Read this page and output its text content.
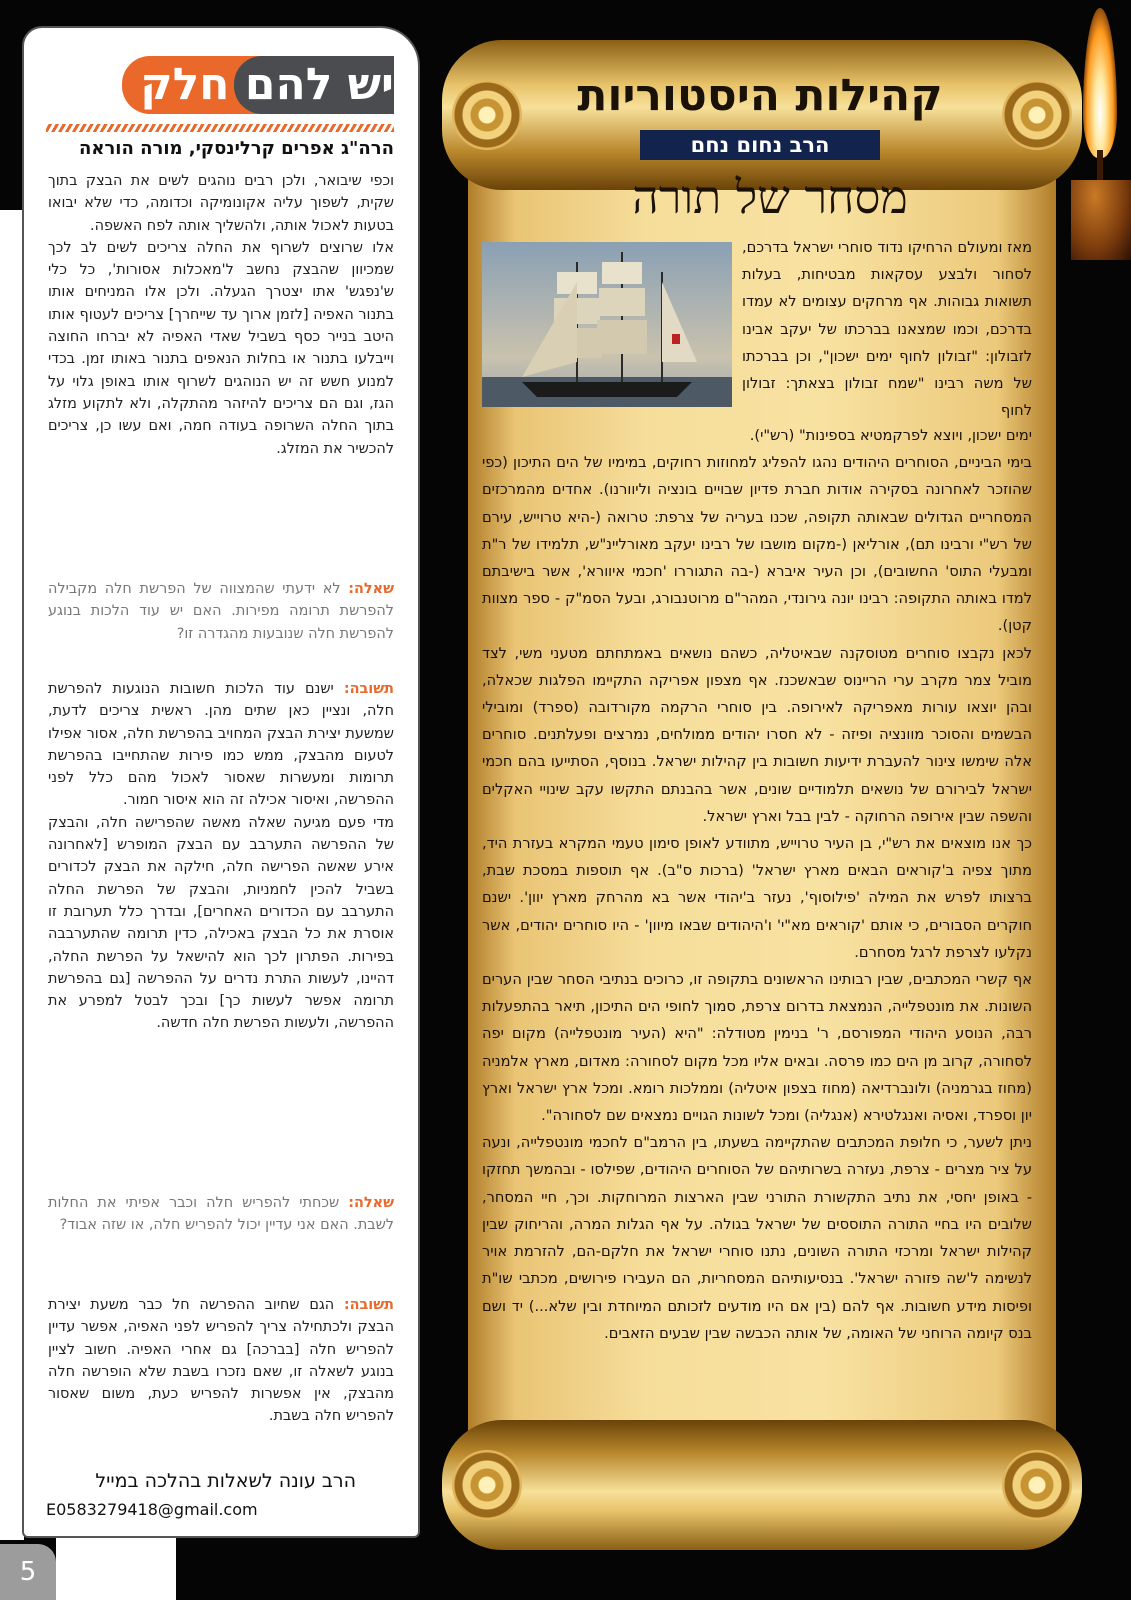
יש להם חלק
הרה"ג אפרים קרלינסקי, מורה הוראה

וכפי שיבואר, ולכן רבים נוהגים לשים את הבצק בתוך שקית, לשפוך עליה אקונומיקה וכדומה, כדי שלא יבואו בטעות לאכול אותה, ולהשליך אותה לפח האשפה.

אלו שרוצים לשרוף את החלה צריכים לשים לב לכך שמכיוון שהבצק נחשב ל'מאכלות אסורות', כל כלי ש'נפגש' אתו יצטרך הגעלה. ולכן אלו המניחים אותו בתנור האפיה [לזמן ארוך עד שייחרך] צריכים לעטוף אותו היטב בנייר כסף בשביל שאדי האפיה לא יברחו החוצה וייבלעו בתנור או בחלות הנאפים בתנור באותו זמן. בכדי למנוע חשש זה יש הנוהגים לשרוף אותו באופן גלוי על הגז, וגם הם צריכים להיזהר מהתקלה, ולא לתקוע מזלג בתוך החלה השרופה בעודה חמה, ואם עשו כן, צריכים להכשיר את המזלג.

שאלה: לא ידעתי שהמצווה של הפרשת חלה מקבילה להפרשת תרומה מפירות. האם יש עוד הלכות בנוגע להפרשת חלה שנובעות מהגדרה זו?

תשובה: ישנם עוד הלכות חשובות הנוגעות להפרשת חלה, ונציין כאן שתים מהן. ראשית צריכים לדעת, שמשעת יצירת הבצק המחויב בהפרשת חלה, אסור אפילו לטעום מהבצק, ממש כמו פירות שהתחייבו בהפרשת תרומות ומעשרות שאסור לאכול מהם כלל לפני ההפרשה, ואיסור אכילה זה הוא איסור חמור.

מדי פעם מגיעה שאלה מאשה שהפרישה חלה, והבצק של ההפרשה התערבב עם הבצק המופרש [לאחרונה אירע שאשה הפרישה חלה, חילקה את הבצק לכדורים בשביל להכין לחמניות, והבצק של הפרשת החלה התערבב עם הכדורים האחרים], ובדרך כלל תערובת זו אוסרת את כל הבצק באכילה, כדין תרומה שהתערבבה בפירות. הפתרון לכך הוא להישאל על הפרשת החלה, דהיינו, לעשות התרת נדרים על ההפרשה [גם בהפרשת תרומה אפשר לעשות כך] ובכך לבטל למפרע את ההפרשה, ולעשות הפרשת חלה חדשה.

שאלה: שכחתי להפריש חלה וכבר אפיתי את החלות לשבת. האם אני עדיין יכול להפריש חלה, או שזה אבוד?

תשובה: הגם שחיוב ההפרשה חל כבר משעת יצירת הבצק ולכתחילה צריך להפריש לפני האפיה, אפשר עדיין להפריש חלה [בברכה] גם אחרי האפיה. חשוב לציין בנוגע לשאלה זו, שאם נזכרו בשבת שלא הופרשה חלה מהבצק, אין אפשרות להפריש כעת, משום שאסור להפריש חלה בשבת.

הרב עונה לשאלות בהלכה במייל
E0583279418@gmail.com
5
קהילות היסטוריות
הרב נחום נחם
מסחר של תורה
מאז ומעולם הרחיקו נדוד סוחרי ישראל בדרכם, לסחור ולבצע עסקאות מבטיחות, בעלות תשואות גבוהות. אף מרחקים עצומים לא עמדו בדרכם, וכמו שמצאנו בברכתו של יעקב אבינו לזבולון: "זבולון לחוף ימים ישכון", וכן בברכתו של משה רבינו "שמח זבולון בצאתך: זבולון לחוף

ימים ישכון, ויוצא לפרקמטיא בספינות" (רש"י).

בימי הביניים, הסוחרים היהודים נהגו להפליג למחוזות רחוקים, במימיו של הים התיכון (כפי שהוזכר לאחרונה בסקירה אודות חברת פדיון שבויים בונציה וליוורנו). אחדים מהמרכזים המסחריים הגדולים שבאותה תקופה, שכנו בעריה של צרפת: טרואה (-היא טרוייש, עירם של רש"י ורבינו תם), אורליאן (-מקום מושבו של רבינו יעקב מאורליינ"ש, תלמידו של ר"ת ומבעלי התוס' החשובים), וכן העיר איברא (-בה התגוררו 'חכמי איוורא', אשר בישיבתם למדו באותה התקופה: רבינו יונה גירונדי, המהר"ם מרוטנבורג, ובעל הסמ"ק - ספר מצוות קטן).

לכאן נקבצו סוחרים מטוסקנה שבאיטליה, כשהם נושאים באמתחתם מטעני משי, לצד מוביל צמר מקרב ערי הריינוס שבאשכנז. אף מצפון אפריקה התקיימו הפלגות שכאלה, ובהן יוצאו עורות מאפריקה לאירופה. בין סוחרי הרקמה מקורדובה (ספרד) ומובילי הבשמים והסוכר מוונציה ופיזה - לא חסרו יהודים ממולחים, נמרצים ופעלתנים. סוחרים אלה שימשו צינור להעברת ידיעות חשובות בין קהילות ישראל. בנוסף, הסתייעו בהם חכמי ישראל לבירורם של נושאים תלמודיים שונים, אשר בהבנתם התקשו עקב שינויי האקלים והשפה שבין אירופה הרחוקה - לבין בבל וארץ ישראל.

כך אנו מוצאים את רש"י, בן העיר טרוייש, מתוודע לאופן סימון טעמי המקרא בעזרת היד, מתוך צפיה ב'קוראים הבאים מארץ ישראל' (ברכות ס"ב). אף תוספות במסכת שבת, ברצותו לפרש את המילה 'פילוסוף', נעזר ב'יהודי אשר בא מהרחק מארץ יוון'. ישנם חוקרים הסבורים, כי אותם 'קוראים מא"י' ו'היהודים שבאו מיוון' - היו סוחרים יהודים, אשר נקלעו לצרפת לרגל מסחרם.

אף קשרי המכתבים, שבין רבותינו הראשונים בתקופה זו, כרוכים בנתיבי הסחר שבין הערים השונות. את מונטפלייה, הנמצאת בדרום צרפת, סמוך לחופי הים התיכון, תיאר בהתפעלות רבה, הנוסע היהודי המפורסם, ר' בנימין מטודלה: "היא (העיר מונטפלייה) מקום יפה לסחורה, קרוב מן הים כמו פרסה. ובאים אליו מכל מקום לסחורה: מאדום, מארץ אלמניה (מחוז בגרמניה) ולונברדיאה (מחוז בצפון איטליה) וממלכות רומא. ומכל ארץ ישראל וארץ יון וספרד, ואסיה ואנגלטירא (אנגליה) ומכל לשונות הגויים נמצאים שם לסחורה".

ניתן לשער, כי חלופת המכתבים שהתקיימה בשעתו, בין הרמב"ם לחכמי מונטפלייה, ונעה על ציר מצרים - צרפת, נעזרה בשרותיהם של הסוחרים היהודים, שפילסו - ובהמשך תחזקו - באופן יחסי, את נתיב התקשורת התורני שבין הארצות המרוחקות. וכך, חיי המסחר, שלובים היו בחיי התורה התוססים של ישראל בגולה. על אף הגלות המרה, והריחוק שבין קהילות ישראל ומרכזי התורה השונים, נתנו סוחרי ישראל את חלקם-הם, להזרמת אויר לנשימה ל'שה פזורה ישראל'. בנסיעותיהם המסחריות, הם העבירו פירושים, מכתבי שו"ת ופיסות מידע חשובות. אף להם (בין אם היו מודעים לזכותם המיוחדת ובין שלא...) יד ושם בנס קיומה הרוחני של האומה, של אותה הכבשה שבין שבעים הזאבים.
